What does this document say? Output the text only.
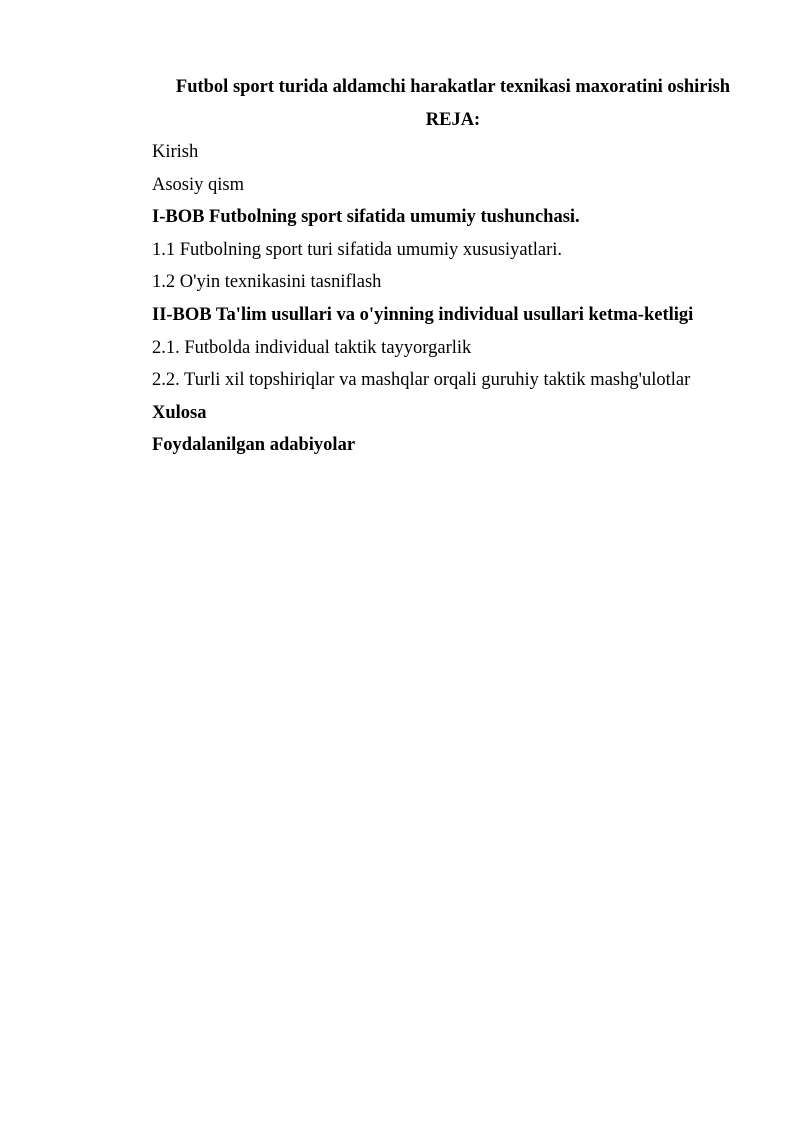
Futbol sport turida aldamchi harakatlar texnikasi maxoratini oshirish
REJA:
Kirish
Asosiy qism
I-BOB Futbolning sport sifatida umumiy tushunchasi.
1.1 Futbolning sport turi sifatida umumiy xususiyatlari.
1.2 O'yin texnikasini tasniflash
II-BOB Ta'lim usullari va o'yinning individual usullari ketma-ketligi
2.1. Futbolda individual taktik tayyorgarlik
2.2. Turli xil topshiriqlar va mashqlar orqali guruhiy taktik mashg'ulotlar
Xulosa
Foydalanilgan adabiyolar
